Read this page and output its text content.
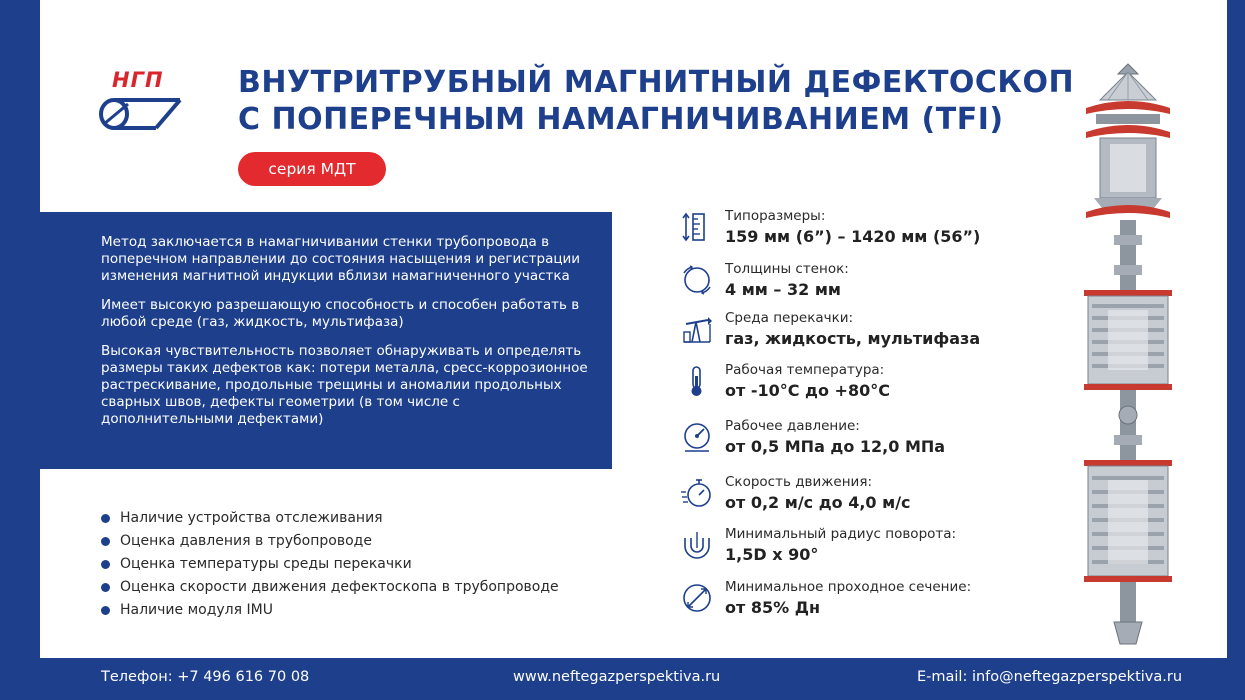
НГП ВНУТРИТРУБНЫЙ МАГНИТНЫЙ ДЕФЕКТОСКОП
С ПОПЕРЕЧНЫМ НАМАГНИЧИВАНИЕМ (TFI)
серия МДТ

Метод заключается в намагничивании стенки трубопровода в поперечном направлении до состояния насыщения и регистрации изменения магнитной индукции вблизи намагниченного участка

Имеет высокую разрешающую способность и способен работать в любой среде (газ, жидкость, мультифаза)

Высокая чувствительность позволяет обнаруживать и определять размеры таких дефектов как: потери металла, сресс-коррозионное растрескивание, продольные трещины и аномалии продольных сварных швов, дефекты геометрии (в том числе с дополнительными дефектами)

Наличие устройства отслеживания
Оценка давления в трубопроводе
Оценка температуры среды перекачки
Оценка скорости движения дефектоскопа в трубопроводе
Наличие модуля IMU
Типоразмеры:
159 мм (6”) – 1420 мм (56”)
Толщины стенок:
4 мм – 32 мм
Среда перекачки:
газ, жидкость, мультифаза
Рабочая температура:
от -10°С до +80°С
Рабочее давление:
от 0,5 МПа до 12,0 МПа
Скорость движения:
от 0,2 м/с до 4,0 м/с
Минимальный радиус поворота:
1,5D х 90°
Минимальное проходное сечение:
от 85% Дн
Телефон: +7 496 616 70 08	www.neftegazperspektiva.ru	E-mail: info@neftegazperspektiva.ru
